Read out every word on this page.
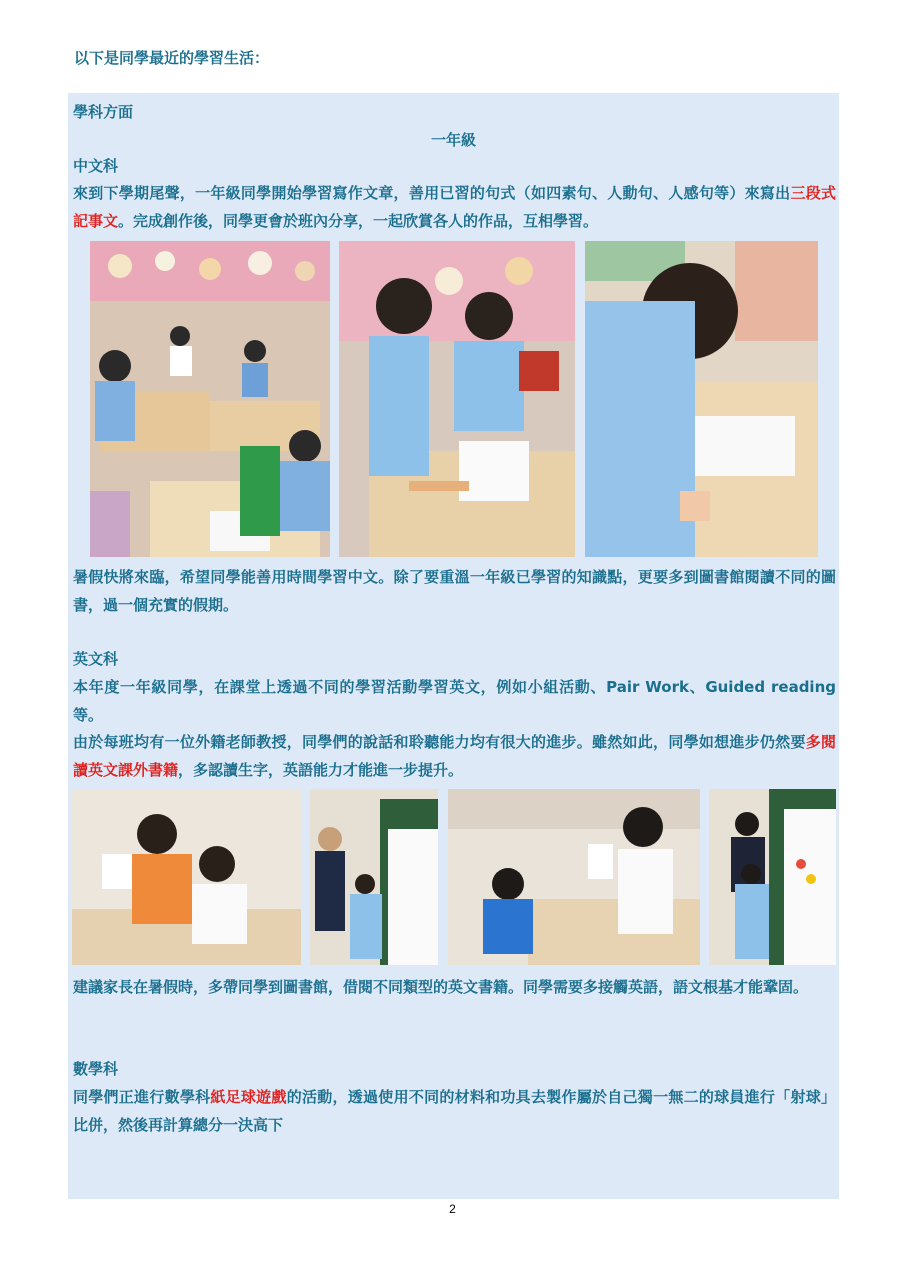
以下是同學最近的學習生活：
學科方面
一年級
中文科
來到下學期尾聲，一年級同學開始學習寫作文章，善用已習的句式（如四素句、人動句、人感句等）來寫出三段式記事文。完成創作後，同學更會於班內分享，一起欣賞各人的作品，互相學習。
暑假快將來臨，希望同學能善用時間學習中文。除了要重溫一年級已學習的知識點，更要多到圖書館閱讀不同的圖書，過一個充實的假期。
英文科
本年度一年級同學，在課堂上透過不同的學習活動學習英文，例如小組活動、Pair Work、Guided reading 等。
由於每班均有一位外籍老師教授，同學們的說話和聆聽能力均有很大的進步。雖然如此，同學如想進步仍然要多閱讀英文課外書籍，多認讀生字，英語能力才能進一步提升。
建議家長在暑假時，多帶同學到圖書館，借閱不同類型的英文書籍。同學需要多接觸英語，語文根基才能鞏固。
數學科
同學們正進行數學科紙足球遊戲的活動，透過使用不同的材料和功具去製作屬於自己獨一無二的球員進行「射球」比併，然後再計算總分一決高下
2
